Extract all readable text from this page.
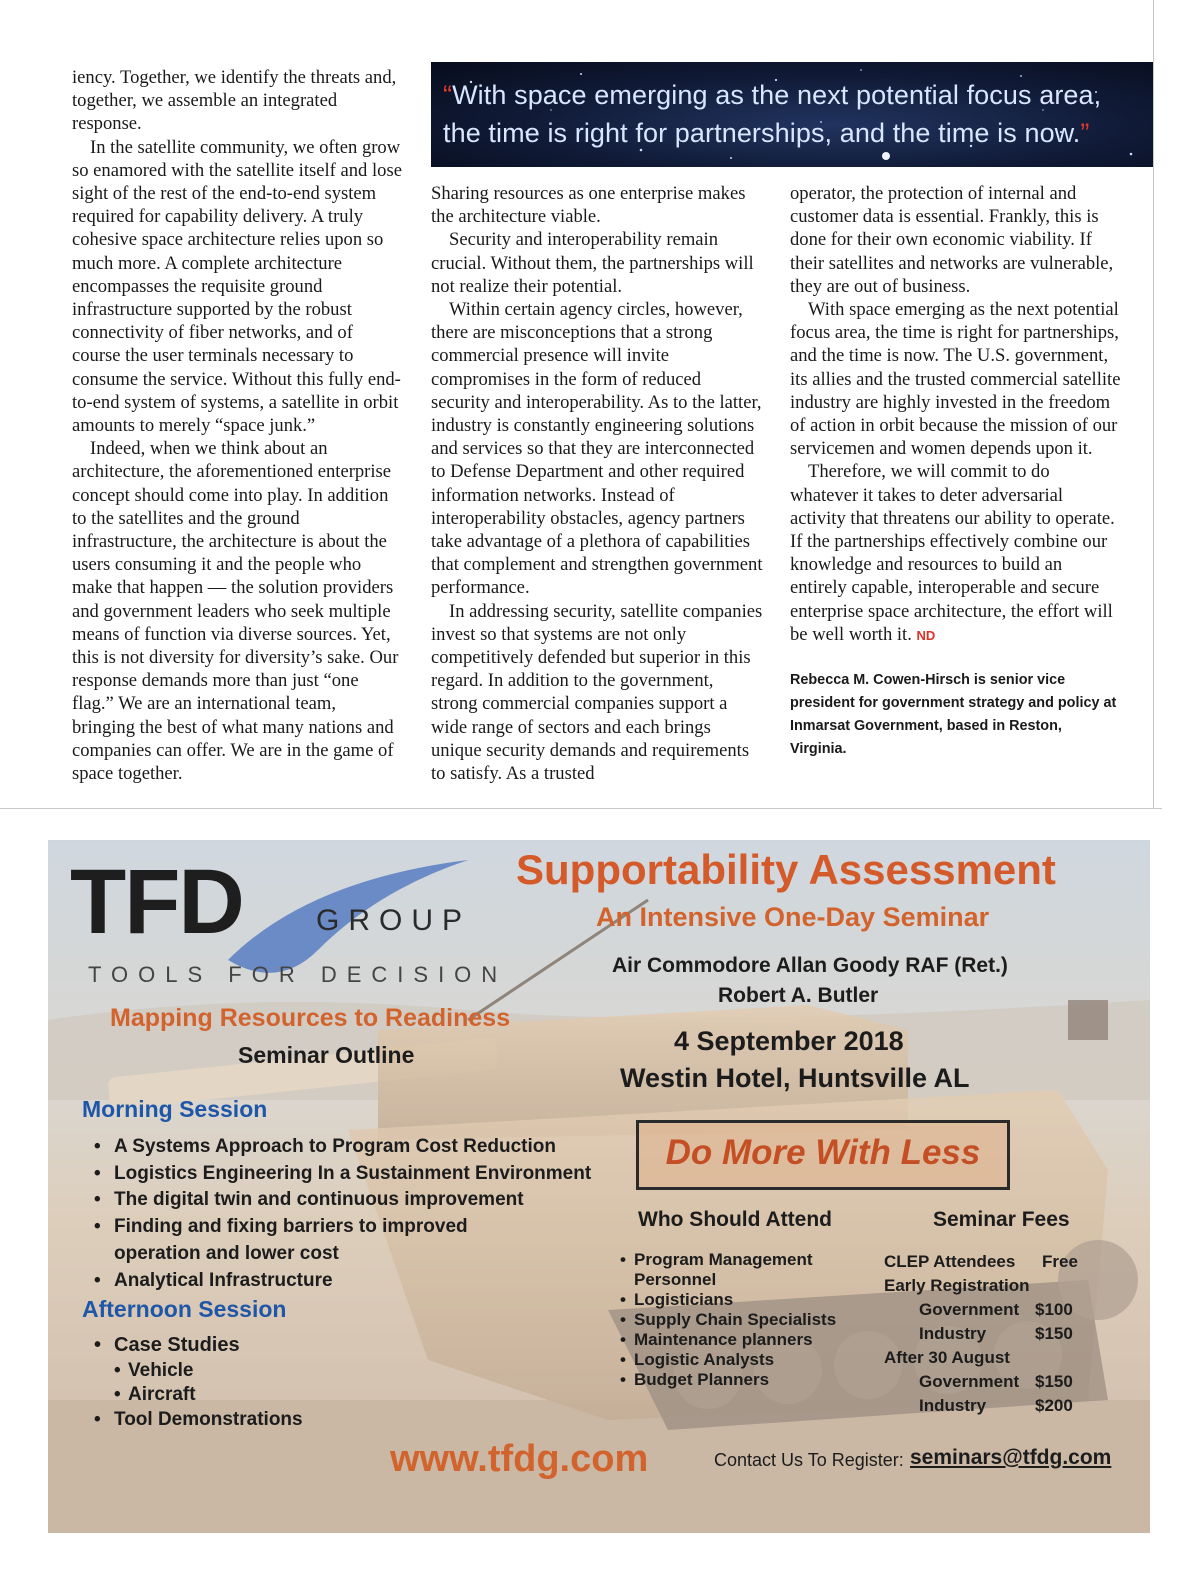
iency. Together, we identify the threats and, together, we assemble an integrated response.

In the satellite community, we often grow so enamored with the satellite itself and lose sight of the rest of the end-to-end system required for capability delivery. A truly cohesive space architecture relies upon so much more. A complete architecture encompasses the requisite ground infrastructure supported by the robust connectivity of fiber networks, and of course the user terminals necessary to consume the service. Without this fully end-to-end system of systems, a satellite in orbit amounts to merely “space junk.”

Indeed, when we think about an architecture, the aforementioned enterprise concept should come into play. In addition to the satellites and the ground infrastructure, the architecture is about the users consuming it and the people who make that happen — the solution providers and government leaders who seek multiple means of function via diverse sources. Yet, this is not diversity for diversity’s sake. Our response demands more than just “one flag.” We are an international team, bringing the best of what many nations and companies can offer. We are in the game of space together.

“With space emerging as the next potential focus area, the time is right for partnerships, and the time is now.”

Sharing resources as one enterprise makes the architecture viable.

Security and interoperability remain crucial. Without them, the partnerships will not realize their potential.

Within certain agency circles, however, there are misconceptions that a strong commercial presence will invite compromises in the form of reduced security and interoperability. As to the latter, industry is constantly engineering solutions and services so that they are interconnected to Defense Department and other required information networks. Instead of interoperability obstacles, agency partners take advantage of a plethora of capabilities that complement and strengthen government performance.

In addressing security, satellite companies invest so that systems are not only competitively defended but superior in this regard. In addition to the government, strong commercial companies support a wide range of sectors and each brings unique security demands and requirements to satisfy. As a trusted

operator, the protection of internal and customer data is essential. Frankly, this is done for their own economic viability. If their satellites and networks are vulnerable, they are out of business.

With space emerging as the next potential focus area, the time is right for partnerships, and the time is now. The U.S. government, its allies and the trusted commercial satellite industry are highly invested in the freedom of action in orbit because the mission of our servicemen and women depends upon it.

Therefore, we will commit to do whatever it takes to deter adversarial activity that threatens our ability to operate. If the partnerships effectively combine our knowledge and resources to build an entirely capable, interoperable and secure enterprise space architecture, the effort will be well worth it. ND

Rebecca M. Cowen-Hirsch is senior vice president for government strategy and policy at Inmarsat Government, based in Reston, Virginia.

TFD GROUP
TOOLS FOR DECISION
Mapping Resources to Readiness
Seminar Outline
Morning Session
• A Systems Approach to Program Cost Reduction
• Logistics Engineering In a Sustainment Environment
• The digital twin and continuous improvement
• Finding and fixing barriers to improved operation and lower cost
• Analytical Infrastructure
Afternoon Session
• Case Studies
• Vehicle
• Aircraft
• Tool Demonstrations
Supportability Assessment
An Intensive One-Day Seminar
Air Commodore Allan Goody RAF (Ret.)
Robert A. Butler
4 September 2018
Westin Hotel, Huntsville AL
Do More With Less
Who Should Attend
• Program Management Personnel
• Logisticians
• Supply Chain Specialists
• Maintenance planners
• Logistic Analysts
• Budget Planners
Seminar Fees
CLEP Attendees Free
Early Registration
Government $100
Industry	$150
After 30 August
Government $150
Industry	$200
www.tfdg.com	Contact Us To Register: seminars@tfdg.com
